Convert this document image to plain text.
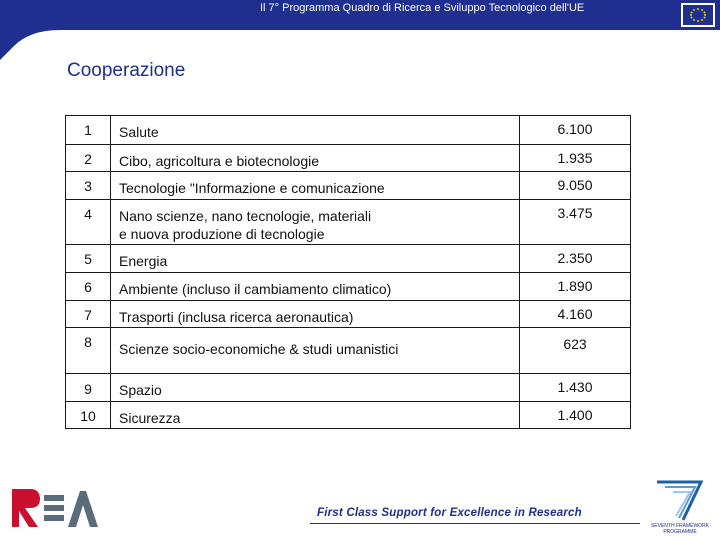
Il 7° Programma Quadro di Ricerca e Sviluppo Tecnologico dell'UE
Cooperazione
1	Salute	6.100
2	Cibo, agricoltura e biotecnologie	1.935
3	Tecnologie "Informazione e comunicazione	9.050
4	Nano scienze, nano tecnologie, materiali
e nuova produzione di tecnologie	3.475
5	Energia	2.350
6	Ambiente (incluso il cambiamento climatico)	1.890
7	Trasporti (inclusa ricerca aeronautica)	4.160
8	Scienze socio-economiche & studi umanistici	623
9	Spazio	1.430
10	Sicurezza	1.400
First Class Support for Excellence in Research
SEVENTH FRAMEWORK
PROGRAMME
